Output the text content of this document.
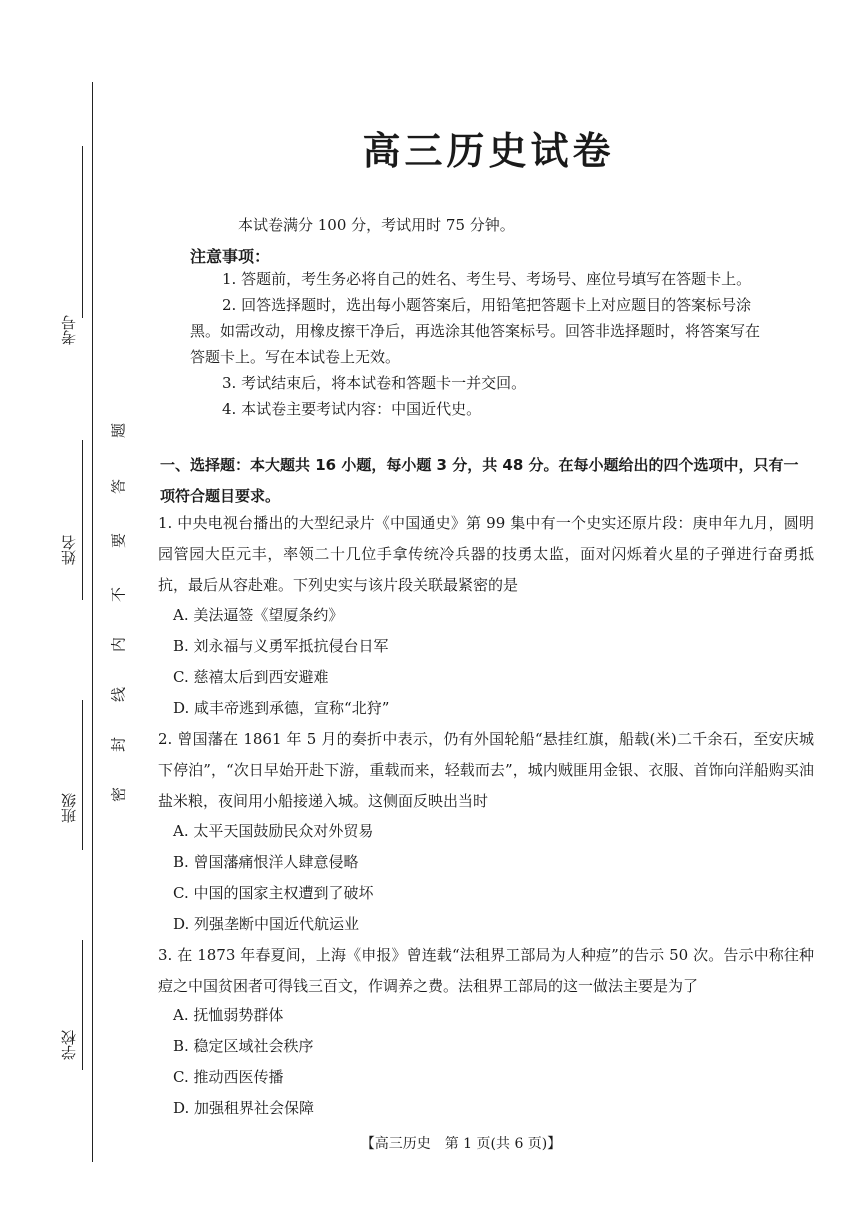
考号
姓名
班级
学校
密
封
线
内
不
要
答
题
高三历史试卷
本试卷满分 100 分，考试用时 75 分钟。
注意事项：
1. 答题前，考生务必将自己的姓名、考生号、考场号、座位号填写在答题卡上。
2. 回答选择题时，选出每小题答案后，用铅笔把答题卡上对应题目的答案标号涂
黑。如需改动，用橡皮擦干净后，再选涂其他答案标号。回答非选择题时，将答案写在
答题卡上。写在本试卷上无效。
3. 考试结束后，将本试卷和答题卡一并交回。
4. 本试卷主要考试内容：中国近代史。
一、选择题：本大题共 16 小题，每小题 3 分，共 48 分。在每小题给出的四个选项中，只有一项符合题目要求。
1. 中央电视台播出的大型纪录片《中国通史》第 99 集中有一个史实还原片段：庚申年九月，圆明园管园大臣元丰，率领二十几位手拿传统冷兵器的技勇太监，面对闪烁着火星的子弹进行奋勇抵抗，最后从容赴难。下列史实与该片段关联最紧密的是
A. 美法逼签《望厦条约》
B. 刘永福与义勇军抵抗侵台日军
C. 慈禧太后到西安避难
D. 咸丰帝逃到承德，宣称“北狩”
2. 曾国藩在 1861 年 5 月的奏折中表示，仍有外国轮船“悬挂红旗，船载(米)二千余石，至安庆城下停泊”，“次日早始开赴下游，重载而来，轻载而去”，城内贼匪用金银、衣服、首饰向洋船购买油盐米粮，夜间用小船接递入城。这侧面反映出当时
A. 太平天国鼓励民众对外贸易
B. 曾国藩痛恨洋人肆意侵略
C. 中国的国家主权遭到了破坏
D. 列强垄断中国近代航运业
3. 在 1873 年春夏间，上海《申报》曾连载“法租界工部局为人种痘”的告示 50 次。告示中称往种痘之中国贫困者可得钱三百文，作调养之费。法租界工部局的这一做法主要是为了
A. 抚恤弱势群体
B. 稳定区域社会秩序
C. 推动西医传播
D. 加强租界社会保障
【高三历史　第 1 页(共 6 页)】
